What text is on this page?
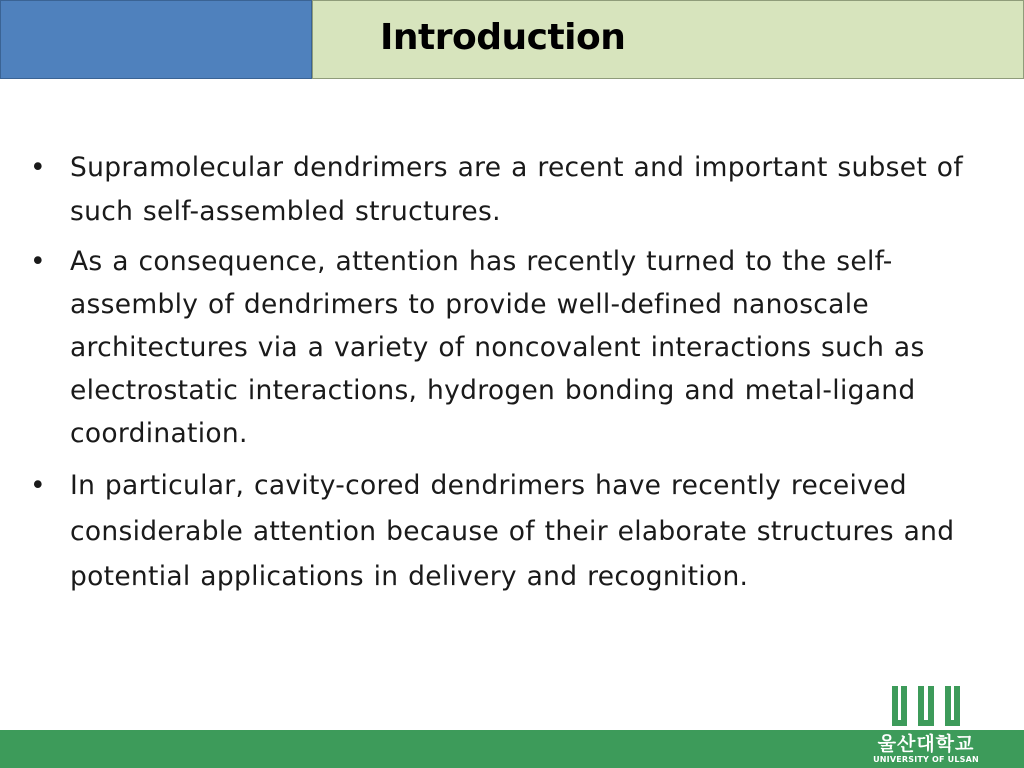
Introduction
• Supramolecular dendrimers are a recent and important subset of such self-assembled structures.
• As a consequence, attention has recently turned to the self-assembly of dendrimers to provide well-defined nanoscale architectures via a variety of noncovalent interactions such as electrostatic interactions, hydrogen bonding and metal-ligand coordination.
• In particular, cavity-cored dendrimers have recently received considerable attention because of their elaborate structures and potential applications in delivery and recognition.
울산대학교
UNIVERSITY OF ULSAN
